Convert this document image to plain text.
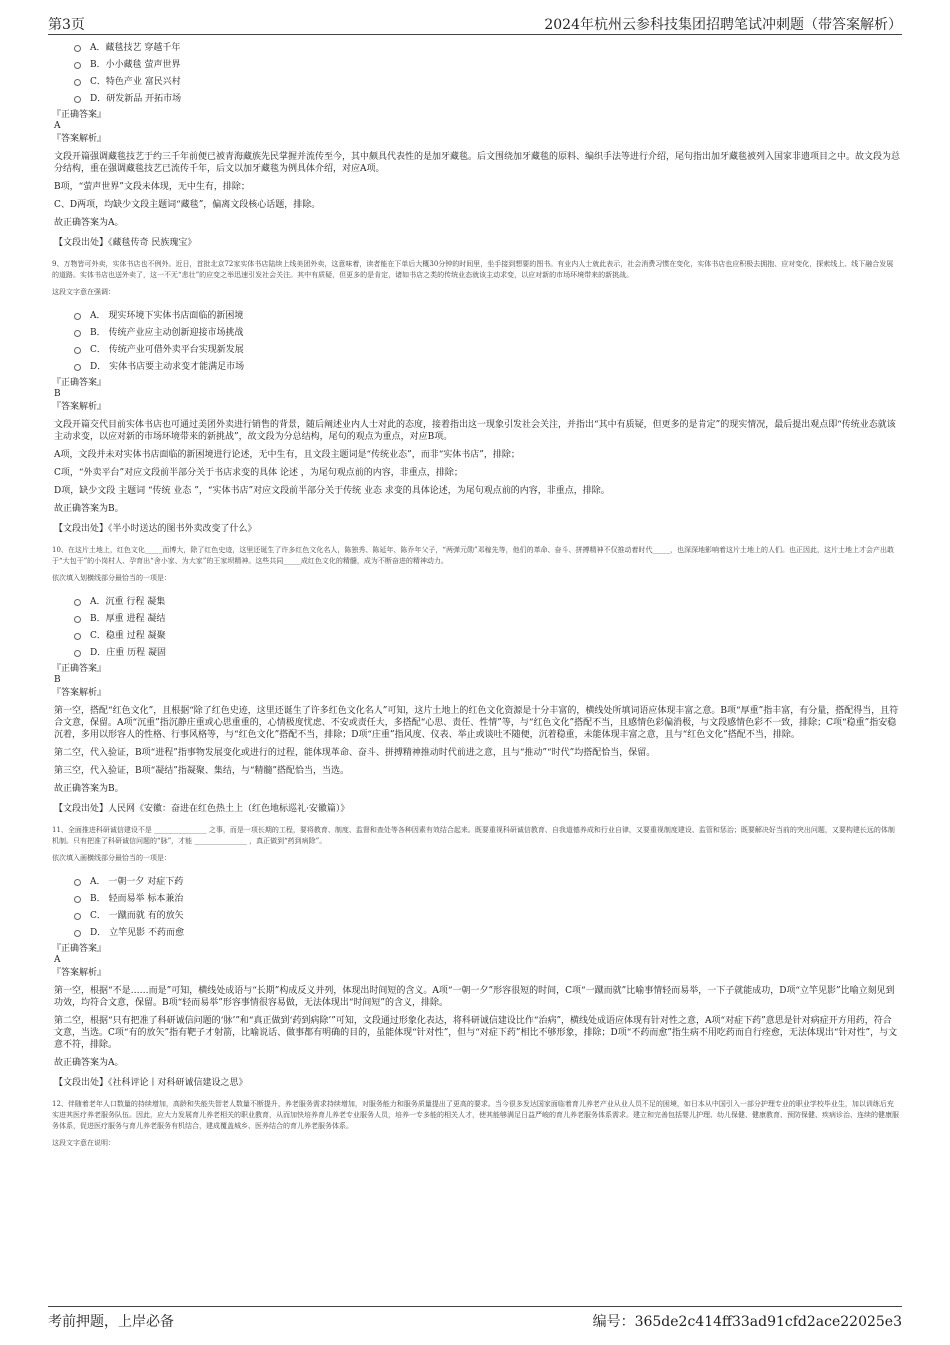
第3页	2024年杭州云参科技集团招聘笔试冲刺题（带答案解析）
A．藏毯技艺 穿越千年
B．小小藏毯 萤声世界
C．特色产业 富民兴村
D．研发新品 开拓市场
『正确答案』
A
『答案解析』
文段开篇强调藏毯技艺于约三千年前便已被青海藏族先民掌握并流传至今，其中颇具代表性的是加牙藏毯。后文围绕加牙藏毯的原料、编织手法等进行介绍，尾句指出加牙藏毯被列入国家非遗项目之中。故文段为总分结构，重在强调藏毯技艺已流传千年，后文以加牙藏毯为例具体介绍，对应A项。
B项，“萤声世界”文段未体现，无中生有，排除；
C、D两项，均缺少文段主题词“藏毯”，偏离文段核心话题，排除。
故正确答案为A。
【文段出处】《藏毯传奇 民族瑰宝》
9、万物皆可外卖，实体书店也不例外。近日，首批北京72家实体书店陆续上线美团外卖，这意味着，读者能在下单后大概30分钟的时间里，坐手接到想要的图书。有业内人士就此表示，社会消费习惯在变化，实体书店也应积极去拥抱、应对变化，探索线上、线下融合发展的道路。实体书店也送外卖了，这一不无“悲壮”的应变之举迅速引发社会关注。其中有质疑，但更多的是肯定，诸如书店之类的传统业态就该主动求变，以应对新的市场环境带来的新挑战。
这段文字意在强调：
A． 现实环境下实体书店面临的新困境
B． 传统产业应主动创新迎接市场挑战
C． 传统产业可借外卖平台实现新发展
D． 实体书店要主动求变才能满足市场
『正确答案』
B
『答案解析』
文段开篇交代目前实体书店也可通过美团外卖进行销售的背景，随后阐述业内人士对此的态度，接着指出这一现象引发社会关注，并指出“其中有质疑，但更多的是肯定”的现实情况，最后提出观点即“传统业态就该主动求变，以应对新的市场环境带来的新挑战”，故文段为分总结构，尾句的观点为重点，对应B项。
A项，文段并未对实体书店面临的新困境进行论述，无中生有，且文段主题词是“传统业态”，而非“实体书店”，排除；
C项，“外卖平台”对应文段前半部分关于书店求变的具体 论述 ，为尾句观点前的内容，非重点，排除；
D项，缺少文段 主题词 “传统 业态 ”，“实体书店”对应文段前半部分关于传统 业态 求变的具体论述，为尾句观点前的内容，非重点，排除。
故正确答案为B。
【文段出处】《半小时送达的图书外卖改变了什么》
10、在这片土地上，红色文化_____而博大，除了红色史迹，这里还诞生了许多红色文化名人，陈独秀、陈延年、陈乔年父子，“两弹元勋”邓稼先等，他们的革命、奋斗、拼搏精神不仅推动着时代_____，也深深地影响着这片土地上的人们。也正因此，这片土地上才会产出敢于“大包干”的小岗村人、孕育出“舍小家、为大家”的王家坝精神。这些共同_____成红色文化的精髓，成为不断奋进的精神动力。
依次填入划横线部分最恰当的一项是：
A．沉重 行程 凝集
B．厚重 进程 凝结
C．稳重 过程 凝聚
D．庄重 历程 凝固
『正确答案』
B
『答案解析』
第一空，搭配“红色文化”，且根据“除了红色史迹，这里还诞生了许多红色文化名人”可知，这片土地上的红色文化资源是十分丰富的，横线处所填词语应体现丰富之意。B项“厚重”指丰富，有分量，搭配得当，且符合文意，保留。A项“沉重”指沉静庄重或心思重重的，心情极度忧虑、不安或责任大，多搭配“心思、责任、性情”等，与“红色文化”搭配不当，且感情色彩偏消极，与文段感情色彩不一致，排除；C项“稳重”指安稳沉着，多用以形容人的性格、行事风格等，与“红色文化”搭配不当，排除；D项“庄重”指风度、仪表、举止或谈吐不随便，沉着稳重，未能体现丰富之意，且与“红色文化”搭配不当，排除。
第二空，代入验证，B项“进程”指事物发展变化或进行的过程，能体现革命、奋斗、拼搏精神推动时代前进之意，且与“推动”“时代”均搭配恰当，保留。
第三空，代入验证，B项“凝结”指凝聚、集结，与“精髓”搭配恰当，当选。
故正确答案为B。
【文段出处】人民网《安徽：奋进在红色热土上（红色地标巡礼·安徽篇）》
11、全面推进科研诚信建设不是 _______________ 之事，而是一项长期的工程，要将教育、制度、监督和查处等各种因素有效结合起来。既要重视科研诚信教育、自我道德养成和行业自律，又要重视制度建设、监管和惩治；既要解决好当前的突出问题，又要构建长远的体制机制。只有把准了科研诚信问题的“脉”，才能 _______________ ，真正做到“药到病除”。
依次填入画横线部分最恰当的一项是：
A． 一朝一夕 对症下药
B． 轻而易举 标本兼治
C． 一蹴而就 有的放矢
D． 立竿见影 不药而愈
『正确答案』
A
『答案解析』
第一空，根据“不是……而是”可知，横线处成语与“长期”构成反义并列，体现出时间短的含义。A项“一朝一夕”形容很短的时间，C项“一蹴而就”比喻事情轻而易举，一下子就能成功，D项“立竿见影”比喻立刻见到功效，均符合文意，保留。B项“轻而易举”形容事情很容易做，无法体现出“时间短”的含义，排除。
第二空，根据“只有把准了科研诚信问题的‘脉’”和“真正做到‘药到病除’”可知，文段通过形象化表达，将科研诚信建设比作“治病”，横线处成语应体现有针对性之意，A项“对症下药”意思是针对病症开方用药，符合文意，当选。C项“有的放矢”指有靶子才射箭，比喻说话、做事都有明确的目的，虽能体现“针对性”，但与“对症下药”相比不够形象，排除；D项“不药而愈”指生病不用吃药而自行痊愈，无法体现出“针对性”，与文意不符，排除。
故正确答案为A。
【文段出处】《社科评论丨对科研诚信建设之思》
12、伴随着老年人口数量的持续增加，高龄和失能失智老人数量不断提升，养老服务需求持续增加，对服务能力和服务质量提出了更高的要求。当今很多发达国家面临着育儿养老产业从业人员不足的困境，如日本从中国引入一部分护理专业的职业学校毕业生，加以训练后充实进其医疗养老服务队伍。因此，应大力发展育儿养老相关的职业教育，从而加快培养育儿养老专业服务人员，培养一专多能的相关人才，使其能够满足日益严峻的育儿养老服务体系需求。建立和完善包括婴儿护理、幼儿保健、健康教育、预防保健、疾病诊治、连续的健康服务体系，促进医疗服务与育儿养老服务有机结合，建成覆盖城乡、医养结合的育儿养老服务体系。
这段文字意在说明：
考前押题，上岸必备	编号：365de2c414ff33ad91cfd2ace22025e3
